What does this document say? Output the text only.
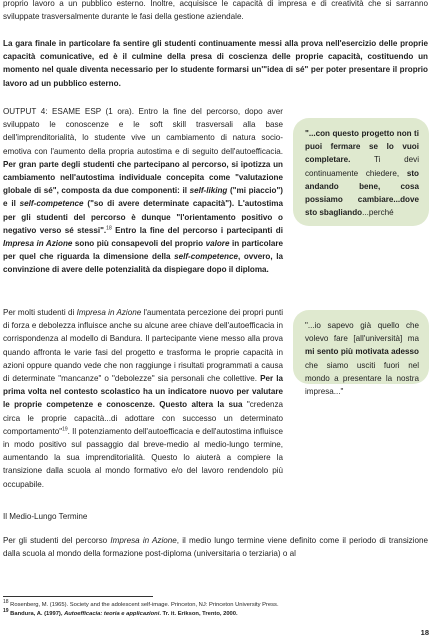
proprio lavoro a un pubblico esterno. Inoltre, acquisisce le capacità di impresa e di creatività che si sarranno sviluppate trasversalmente durante le fasi della gestione aziendale.

La gara finale in particolare fa sentire gli studenti continuamente messi alla prova nell'esercizio delle proprie capacità comunicative, ed è il culmine della presa di coscienza delle proprie capacità, costituendo un momento nel quale diventa necessario per lo studente formarsi un'"idea di sé" per poter presentare il proprio lavoro ad un pubblico esterno.

OUTPUT 4: ESAME ESP (1 ora). Entro la fine del percorso, dopo aver sviluppato le conoscenze e le soft skill trasversali alla base dell'imprenditorialità, lo studente vive un cambiamento di natura socio-emotiva con l'aumento della propria autostima e di seguito dell'autoefficacia. Per gran parte degli studenti che partecipano al percorso, si ipotizza un cambiamento nell'autostima individuale concepita come "valutazione globale di sé", composta da due componenti: il self-liking ("mi piaccio") e il self-competence ("so di avere determinate capacità"). L'autostima per gli studenti del percorso è dunque "l'orientamento positivo o negativo verso sé stessi".$^{18}$ Entro la fine del percorso i partecipanti di Impresa in Azione sono più consapevoli del proprio valore in particolare per quel che riguarda la dimensione della self-competence, ovvero, la convinzione di avere delle potenzialità da dispiegare dopo il diploma.

"...con questo progetto non ti puoi fermare se lo vuoi completare. Ti devi continuamente chiedere, sto andando bene, cosa possiamo cambiare...dove sto sbagliando...perché

Per molti studenti di Impresa in Azione l'aumentata percezione dei propri punti di forza e debolezza influisce anche su alcune aree chiave dell'autoefficacia in corrispondenza al modello di Bandura. Il partecipante viene messo alla prova quando affronta le varie fasi del progetto e trasforma le proprie capacità in azioni oppure quando vede che non raggiunge i risultati programmati a causa di determinate "mancanze" o "debolezze" sia personali che collettive. Per la prima volta nel contesto scolastico ha un indicatore nuovo per valutare le proprie competenze e conoscenze. Questo altera la sua "credenza circa le proprie capacità...di adottare con successo un determinato comportamento"$^{19}$. Il potenziamento dell'autoefficacia e dell'autostima influisce in modo positivo sul passaggio dal breve-medio al medio-lungo termine, aumentando la sua imprenditorialità. Questo lo aiuterà a compiere la transizione dalla scuola al mondo formativo e/o del lavoro rendendolo più occupabile.

"...io sapevo già quello che volevo fare [all'università] ma mi sento più motivata adesso che siamo usciti fuori nel mondo a presentare la nostra impresa..."
Il Medio-Lungo Termine

Per gli studenti del percorso Impresa in Azione, il medio lungo termine viene definito come il periodo di transizione dalla scuola al mondo della formazione post-diploma (universitaria o terziaria) o al

$^{18}$ Rosenberg, M. (1965). Society and the adolescent self-image. Princeton, NJ: Princeton University Press.
$^{19}$ Bandura, A. (1997), Autoefficacia: teoria e applicazioni. Tr. it. Erikson, Trento, 2000.
18
